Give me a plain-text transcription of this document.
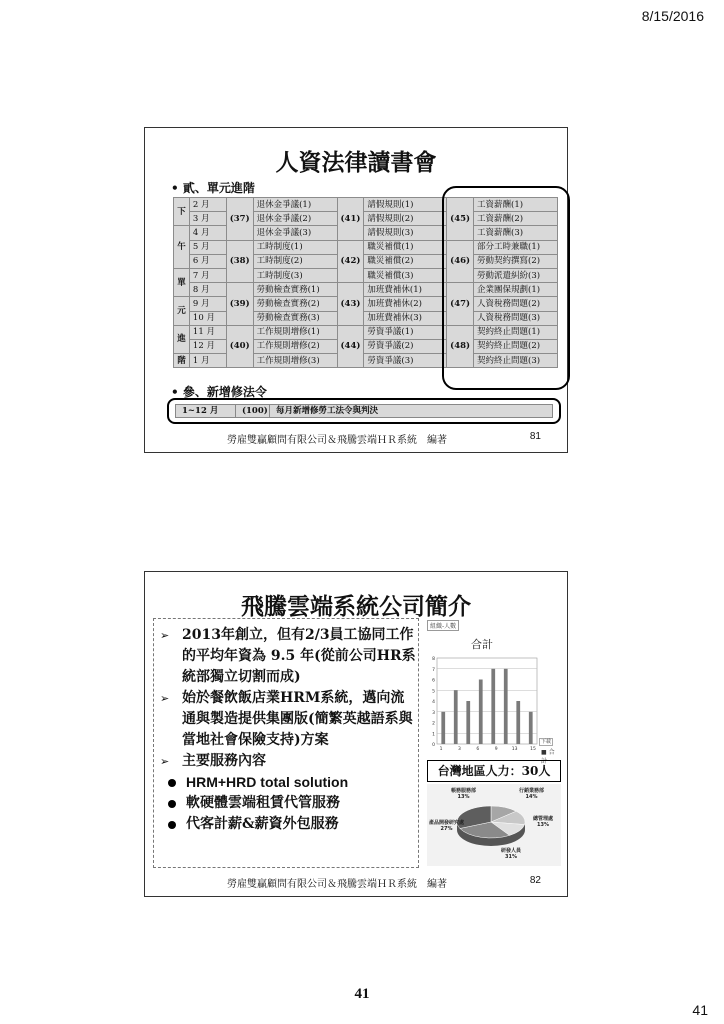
8/15/2016
人資法律讀書會
• 貳、單元進階
下	2 月	(37)	退休金爭議(1)	(41)	請假規則(1)	(45)	工資薪酬(1)
	3 月		退休金爭議(2)		請假規則(2)		工資薪酬(2)
午	4 月		退休金爭議(3)		請假規則(3)		工資薪酬(3)
	5 月	(38)	工時制度(1)	(42)	職災補償(1)	(46)	部分工時兼職(1)
	6 月		工時制度(2)		職災補償(2)		勞動契約撰寫(2)
單	7 月		工時制度(3)		職災補償(3)		勞動派遣糾紛(3)
	8 月	(39)	勞動檢查實務(1)	(43)	加班費補休(1)	(47)	企業團保規劃(1)
元	9 月		勞動檢查實務(2)		加班費補休(2)		人資稅務問題(2)
	10 月		勞動檢查實務(3)		加班費補休(3)		人資稅務問題(3)
進	11 月	(40)	工作規則增修(1)	(44)	勞資爭議(1)	(48)	契約終止問題(1)
	12 月		工作規則增修(2)		勞資爭議(2)		契約終止問題(2)
階	1 月		工作規則增修(3)		勞資爭議(3)		契約終止問題(3)
• 參、新增修法令
1~12 月	(100) 每月新增修勞工法令與判決
勞雇雙贏顧問有限公司＆飛騰雲端ＨＲ系統　編著	81
飛騰雲端系統公司簡介
➢ 2013年創立，但有2/3員工協同工作的平均年資為 9.5 年(從前公司HR系統部獨立切割而成)
➢ 始於餐飲飯店業HRM系統，邁向流通與製造提供集團版(簡繁英越語系與當地社會保險支持)方案
➢ 主要服務內容
HRM+HRD total solution
軟硬體雲端租賃代管服務
代客計薪&薪資外包服務
組織-人數
合計
0
1
2
3
4
5
6
7
8
1	3	6	9	13	15
下載
■ 合計
台灣地區人力：30人
帳務服務部
13%
行銷業務部
14%
總管理處
13%
產品開發研究處
27%
研發人員
31%
勞雇雙贏顧問有限公司＆飛騰雲端ＨＲ系統　編著	82
41
41
